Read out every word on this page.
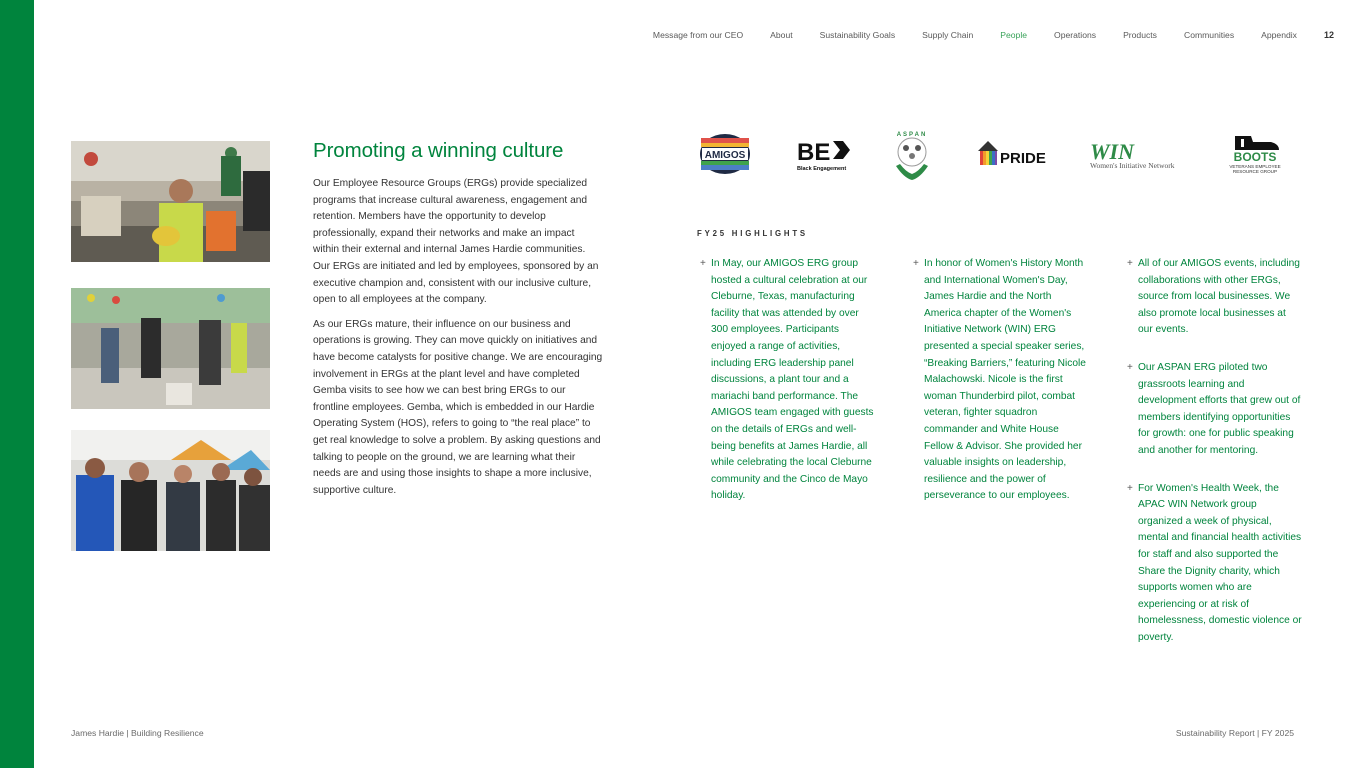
Message from our CEO	About	Sustainability Goals	Supply Chain	People	Operations	Products	Communities	Appendix	12
Promoting a winning culture

Our Employee Resource Groups (ERGs) provide specialized programs that increase cultural awareness, engagement and retention. Members have the opportunity to develop professionally, expand their networks and make an impact within their external and internal James Hardie communities. Our ERGs are initiated and led by employees, sponsored by an executive champion and, consistent with our inclusive culture, open to all employees at the company.

As our ERGs mature, their influence on our business and operations is growing. They can move quickly on initiatives and have become catalysts for positive change. We are encouraging involvement in ERGs at the plant level and have completed Gemba visits to see how we can best bring ERGs to our frontline employees. Gemba, which is embedded in our Hardie Operating System (HOS), refers to going to “the real place” to get real knowledge to solve a problem. By asking questions and talking to people on the ground, we are learning what their needs are and using those insights to shape a more inclusive, supportive culture.

AMIGOS BE
Black Engagement
ASPAN
PRIDE WIN
Women's Initiative Network
BOOTS
VETERANS EMPLOYEE
RESOURCE GROUP
FY25 HIGHLIGHTS
+ In May, our AMIGOS ERG group hosted a cultural celebration at our Cleburne, Texas, manufacturing facility that was attended by over 300 employees. Participants enjoyed a range of activities, including ERG leadership panel discussions, a plant tour and a mariachi band performance. The AMIGOS team engaged with guests on the details of ERGs and well-being benefits at James Hardie, all while celebrating the local Cleburne community and the Cinco de Mayo holiday.
+ In honor of Women's History Month and International Women's Day, James Hardie and the North America chapter of the Women's Initiative Network (WIN) ERG presented a special speaker series, “Breaking Barriers,” featuring Nicole Malachowski. Nicole is the first woman Thunderbird pilot, combat veteran, fighter squadron commander and White House Fellow & Advisor. She provided her valuable insights on leadership, resilience and the power of perseverance to our employees.
+ All of our AMIGOS events, including collaborations with other ERGs, source from local businesses. We also promote local businesses at our events.
+ Our ASPAN ERG piloted two grassroots learning and development efforts that grew out of members identifying opportunities for growth: one for public speaking and another for mentoring.
+ For Women's Health Week, the APAC WIN Network group organized a week of physical, mental and financial health activities for staff and also supported the Share the Dignity charity, which supports women who are experiencing or at risk of homelessness, domestic violence or poverty.
James Hardie | Building Resilience	Sustainability Report | FY 2025
